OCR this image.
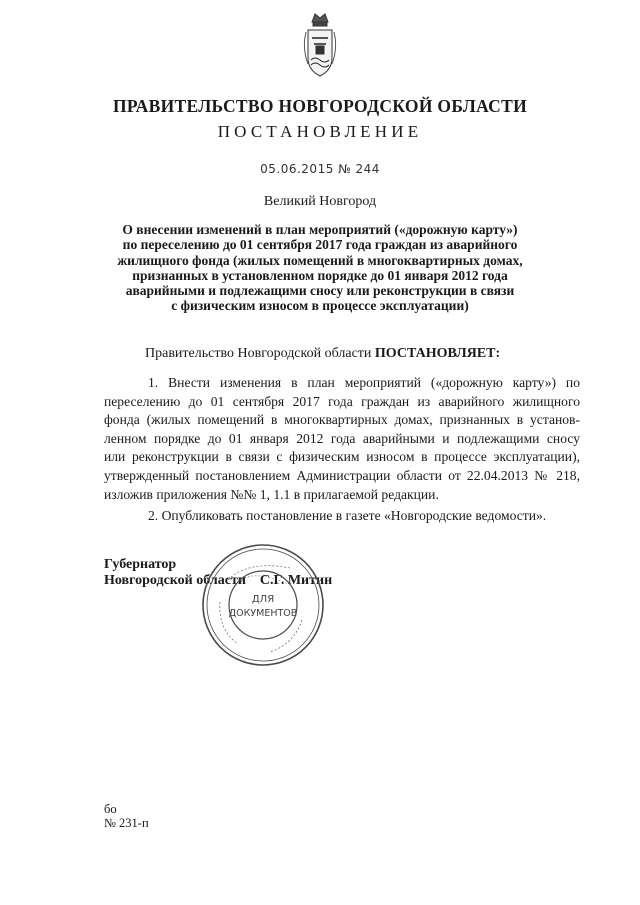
ПРАВИТЕЛЬСТВО НОВГОРОДСКОЙ ОБЛАСТИ
ПОСТАНОВЛЕНИЕ
05.06.2015 № 244
Великий Новгород
О внесении изменений в план мероприятий («дорожную карту»)
по переселению до 01 сентября 2017 года граждан из аварийного
жилищного фонда (жилых помещений в многоквартирных домах,
признанных в установленном порядке до 01 января 2012 года
аварийными и подлежащими сносу или реконструкции в связи
с физическим износом в процессе эксплуатации)
Правительство Новгородской области ПОСТАНОВЛЯЕТ:
1. Внести изменения в план мероприятий («дорожную карту») по
переселению до 01 сентября 2017 года граждан из аварийного жилищного
фонда (жилых помещений в многоквартирных домах, признанных в установ-
ленном порядке до 01 января 2012 года аварийными и подлежащими сносу
или реконструкции в связи с физическим износом в процессе эксплуатации),
утвержденный постановлением Администрации области от 22.04.2013 № 218,
изложив приложения №№ 1, 1.1 в прилагаемой редакции.
2. Опубликовать постановление в газете «Новгородские ведомости».
Губернатор
Новгородской области С.Г. Митин
ДЛЯ
ДОКУМЕНТОВ
бо
№ 231-п
